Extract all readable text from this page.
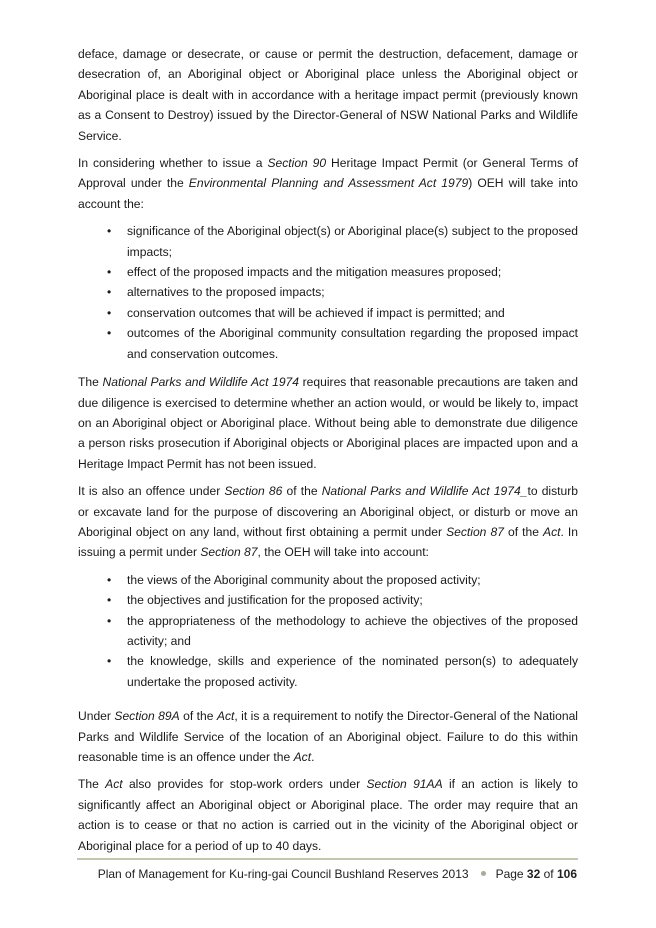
deface, damage or desecrate, or cause or permit the destruction, defacement, damage or desecration of, an Aboriginal object or Aboriginal place unless the Aboriginal object or Aboriginal place is dealt with in accordance with a heritage impact permit (previously known as a Consent to Destroy) issued by the Director-General of NSW National Parks and Wildlife Service.

In considering whether to issue a Section 90 Heritage Impact Permit (or General Terms of Approval under the Environmental Planning and Assessment Act 1979) OEH will take into account the:

• significance of the Aboriginal object(s) or Aboriginal place(s) subject to the proposed impacts;
• effect of the proposed impacts and the mitigation measures proposed;
• alternatives to the proposed impacts;
• conservation outcomes that will be achieved if impact is permitted; and
• outcomes of the Aboriginal community consultation regarding the proposed impact and conservation outcomes.

The National Parks and Wildlife Act 1974 requires that reasonable precautions are taken and due diligence is exercised to determine whether an action would, or would be likely to, impact on an Aboriginal object or Aboriginal place. Without being able to demonstrate due diligence a person risks prosecution if Aboriginal objects or Aboriginal places are impacted upon and a Heritage Impact Permit has not been issued.

It is also an offence under Section 86 of the National Parks and Wildlife Act 1974_to disturb or excavate land for the purpose of discovering an Aboriginal object, or disturb or move an Aboriginal object on any land, without first obtaining a permit under Section 87 of the Act. In issuing a permit under Section 87, the OEH will take into account:

• the views of the Aboriginal community about the proposed activity;
• the objectives and justification for the proposed activity;
• the appropriateness of the methodology to achieve the objectives of the proposed activity; and
• the knowledge, skills and experience of the nominated person(s) to adequately undertake the proposed activity.

Under Section 89A of the Act, it is a requirement to notify the Director-General of the National Parks and Wildlife Service of the location of an Aboriginal object. Failure to do this within reasonable time is an offence under the Act.

The Act also provides for stop-work orders under Section 91AA if an action is likely to significantly affect an Aboriginal object or Aboriginal place. The order may require that an action is to cease or that no action is carried out in the vicinity of the Aboriginal object or Aboriginal place for a period of up to 40 days.

Plan of Management for Ku-ring-gai Council Bushland Reserves 2013 Page 32 of 106
